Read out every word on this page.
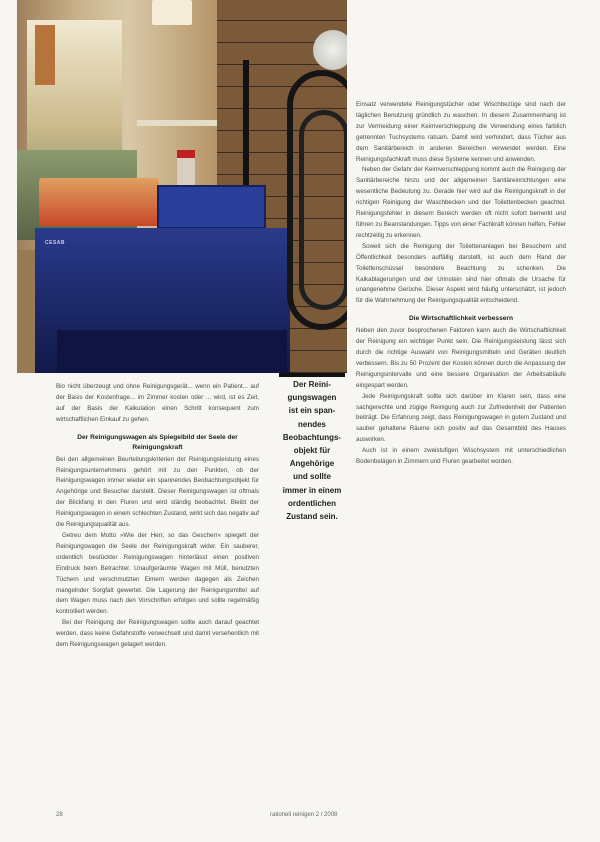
CESAB
Der Reini-
gungswagen
ist ein span-
nendes
Beobachtungs-
objekt für
Angehörige
und sollte
immer in einem
ordentlichen
Zustand sein.

Bio nicht überzeugt und ohne Reinigungsgerät... wenn ein Patient... auf der Basis der Kostenfrage... im Zimmer kosten oder ... wird, ist es Zeit, auf der Basis der Kalkulation einen Schritt konsequent zum wirtschaftlichen Einkauf zu gehen.

Der Reinigungswagen als Spiegelbild der Seele der Reinigungskraft

Bei den allgemeinen Beurteilungskriterien der Reinigungsleistung eines Reinigungsunternehmens gehört mit zu den Punkten, ob der Reinigungswagen immer wieder ein spannendes Beobachtungsobjekt für Angehörige und Besucher darstellt. Dieser Reinigungswagen ist oftmals der Blickfang in den Fluren und wird ständig beobachtet. Bleibt der Reinigungswagen in einem schlechten Zustand, wirkt sich das negativ auf die Reinigungsqualität aus.

Getreu dem Motto »Wie der Herr, so das Gescherr« spiegelt der Reinigungswagen die Seele der Reinigungskraft wider. Ein sauberer, ordentlich bestückter Reinigungswagen hinterlässt einen positiven Eindruck beim Betrachter. Unaufgeräumte Wagen mit Müll, benutzten Tüchern und verschmutzten Eimern werden dagegen als Zeichen mangelnder Sorgfalt gewertet. Die Lagerung der Reinigungsmittel auf dem Wagen muss nach den Vorschriften erfolgen und sollte regelmäßig kontrolliert werden.

Bei der Reinigung der Reinigungswagen sollte auch darauf geachtet werden, dass keine Gefahrstoffe verwechselt und damit versehentlich mit dem Reinigungswagen gelagert werden.

Einsatz verwendete Reinigungstücher oder Wischbezüge sind nach der täglichen Benutzung gründlich zu waschen. In diesem Zusammenhang ist zur Vermeidung einer Keimverschleppung die Verwendung eines farblich getrennten Tuchsystems ratsam. Damit wird verhindert, dass Tücher aus dem Sanitärbereich in anderen Bereichen verwendet werden. Eine Reinigungsfachkraft muss diese Systeme kennen und anwenden.

Neben der Gefahr der Keimverschleppung kommt auch die Reinigung der Sanitärbereiche hinzu und der allgemeinen Sanitäreinrichtungen eine wesentliche Bedeutung zu. Gerade hier wird auf die Reinigungskraft in der richtigen Reinigung der Waschbecken und der Toilettenbecken geachtet. Reinigungsfehler in diesem Bereich werden oft nicht sofort bemerkt und führen zu Beanstandungen. Tipps von einer Fachkraft können helfen, Fehler rechtzeitig zu erkennen.

Soweit sich die Reinigung der Toilettenanlagen bei Besuchern und Öffentlichkeit besonders auffällig darstellt, ist auch dem Rand der Toilettenschüssel besondere Beachtung zu schenken. Die Kalkablagerungen und der Urinstein sind hier oftmals die Ursache für unangenehme Gerüche. Dieser Aspekt wird häufig unterschätzt, ist jedoch für die Wahrnehmung der Reinigungsqualität entscheidend.

Die Wirtschaftlichkeit verbessern

Neben den zuvor besprochenen Faktoren kann auch die Wirtschaftlichkeit der Reinigung ein wichtiger Punkt sein. Die Reinigungsleistung lässt sich durch die richtige Auswahl von Reinigungsmitteln und Geräten deutlich verbessern. Bis zu 50 Prozent der Kosten können durch die Anpassung der Reinigungsintervalle und eine bessere Organisation der Arbeitsabläufe eingespart werden.

Jede Reinigungskraft sollte sich darüber im Klaren sein, dass eine sachgerechte und zügige Reinigung auch zur Zufriedenheit der Patienten beiträgt. Die Erfahrung zeigt, dass Reinigungswagen in gutem Zustand und sauber gehaltene Räume sich positiv auf das Gesamtbild des Hauses auswirken.

Auch ist in einem zweistufigen Wischsystem mit unterschiedlichen Bodenbelägen in Zimmern und Fluren gearbeitet worden.

28	rationell reinigen 2 / 2008
